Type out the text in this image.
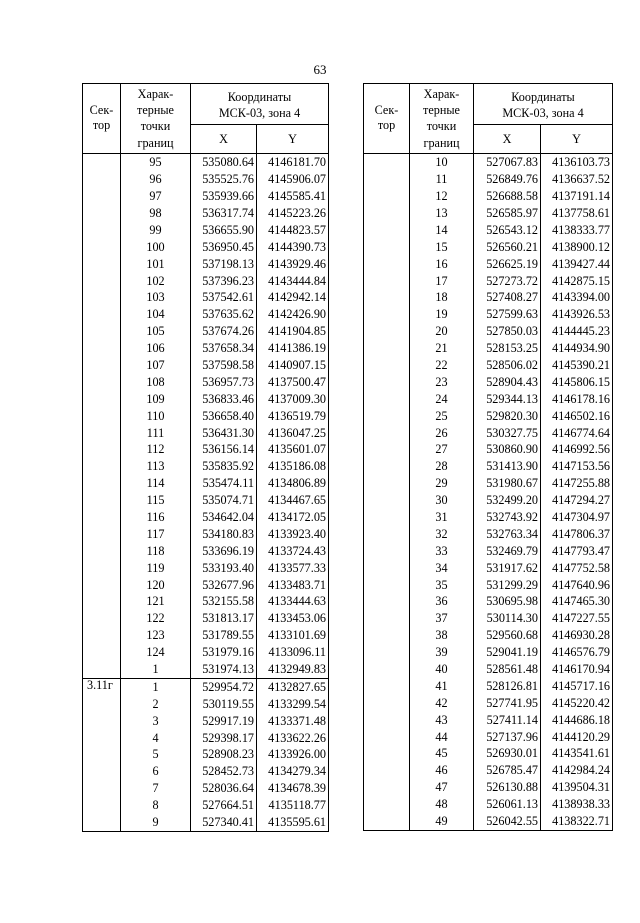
63
Сек-
тор	Харак-
терные
точки
границ	Координаты
МСК-03, зона 4	

		X	Y
	95	535080.64	4146181.70
	96	535525.76	4145906.07
	97	535939.66	4145585.41
	98	536317.74	4145223.26
	99	536655.90	4144823.57
	100	536950.45	4144390.73
	101	537198.13	4143929.46
	102	537396.23	4143444.84
	103	537542.61	4142942.14
	104	537635.62	4142426.90
	105	537674.26	4141904.85
	106	537658.34	4141386.19
	107	537598.58	4140907.15
	108	536957.73	4137500.47
	109	536833.46	4137009.30
	110	536658.40	4136519.79
	111	536431.30	4136047.25
	112	536156.14	4135601.07
	113	535835.92	4135186.08
	114	535474.11	4134806.89
	115	535074.71	4134467.65
	116	534642.04	4134172.05
	117	534180.83	4133923.40
	118	533696.19	4133724.43
	119	533193.40	4133577.33
	120	532677.96	4133483.71
	121	532155.58	4133444.63
	122	531813.17	4133453.06
	123	531789.55	4133101.69
	124	531979.16	4133096.11
	1	531974.13	4132949.83
3.11г	1	529954.72	4132827.65
	2	530119.55	4133299.54
	3	529917.19	4133371.48
	4	529398.17	4133622.26
	5	528908.23	4133926.00
	6	528452.73	4134279.34
	7	528036.64	4134678.39
	8	527664.51	4135118.77
	9	527340.41	4135595.61
Сек-
тор	Харак-
терные
точки
границ	Координаты
МСК-03, зона 4	

		X	Y
	10	527067.83	4136103.73
	11	526849.76	4136637.52
	12	526688.58	4137191.14
	13	526585.97	4137758.61
	14	526543.12	4138333.77
	15	526560.21	4138900.12
	16	526625.19	4139427.44
	17	527273.72	4142875.15
	18	527408.27	4143394.00
	19	527599.63	4143926.53
	20	527850.03	4144445.23
	21	528153.25	4144934.90
	22	528506.02	4145390.21
	23	528904.43	4145806.15
	24	529344.13	4146178.16
	25	529820.30	4146502.16
	26	530327.75	4146774.64
	27	530860.90	4146992.56
	28	531413.90	4147153.56
	29	531980.67	4147255.88
	30	532499.20	4147294.27
	31	532743.92	4147304.97
	32	532763.34	4147806.37
	33	532469.79	4147793.47
	34	531917.62	4147752.58
	35	531299.29	4147640.96
	36	530695.98	4147465.30
	37	530114.30	4147227.55
	38	529560.68	4146930.28
	39	529041.19	4146576.79
	40	528561.48	4146170.94
	41	528126.81	4145717.16
	42	527741.95	4145220.42
	43	527411.14	4144686.18
	44	527137.96	4144120.29
	45	526930.01	4143541.61
	46	526785.47	4142984.24
	47	526130.88	4139504.31
	48	526061.13	4138938.33
	49	526042.55	4138322.71
